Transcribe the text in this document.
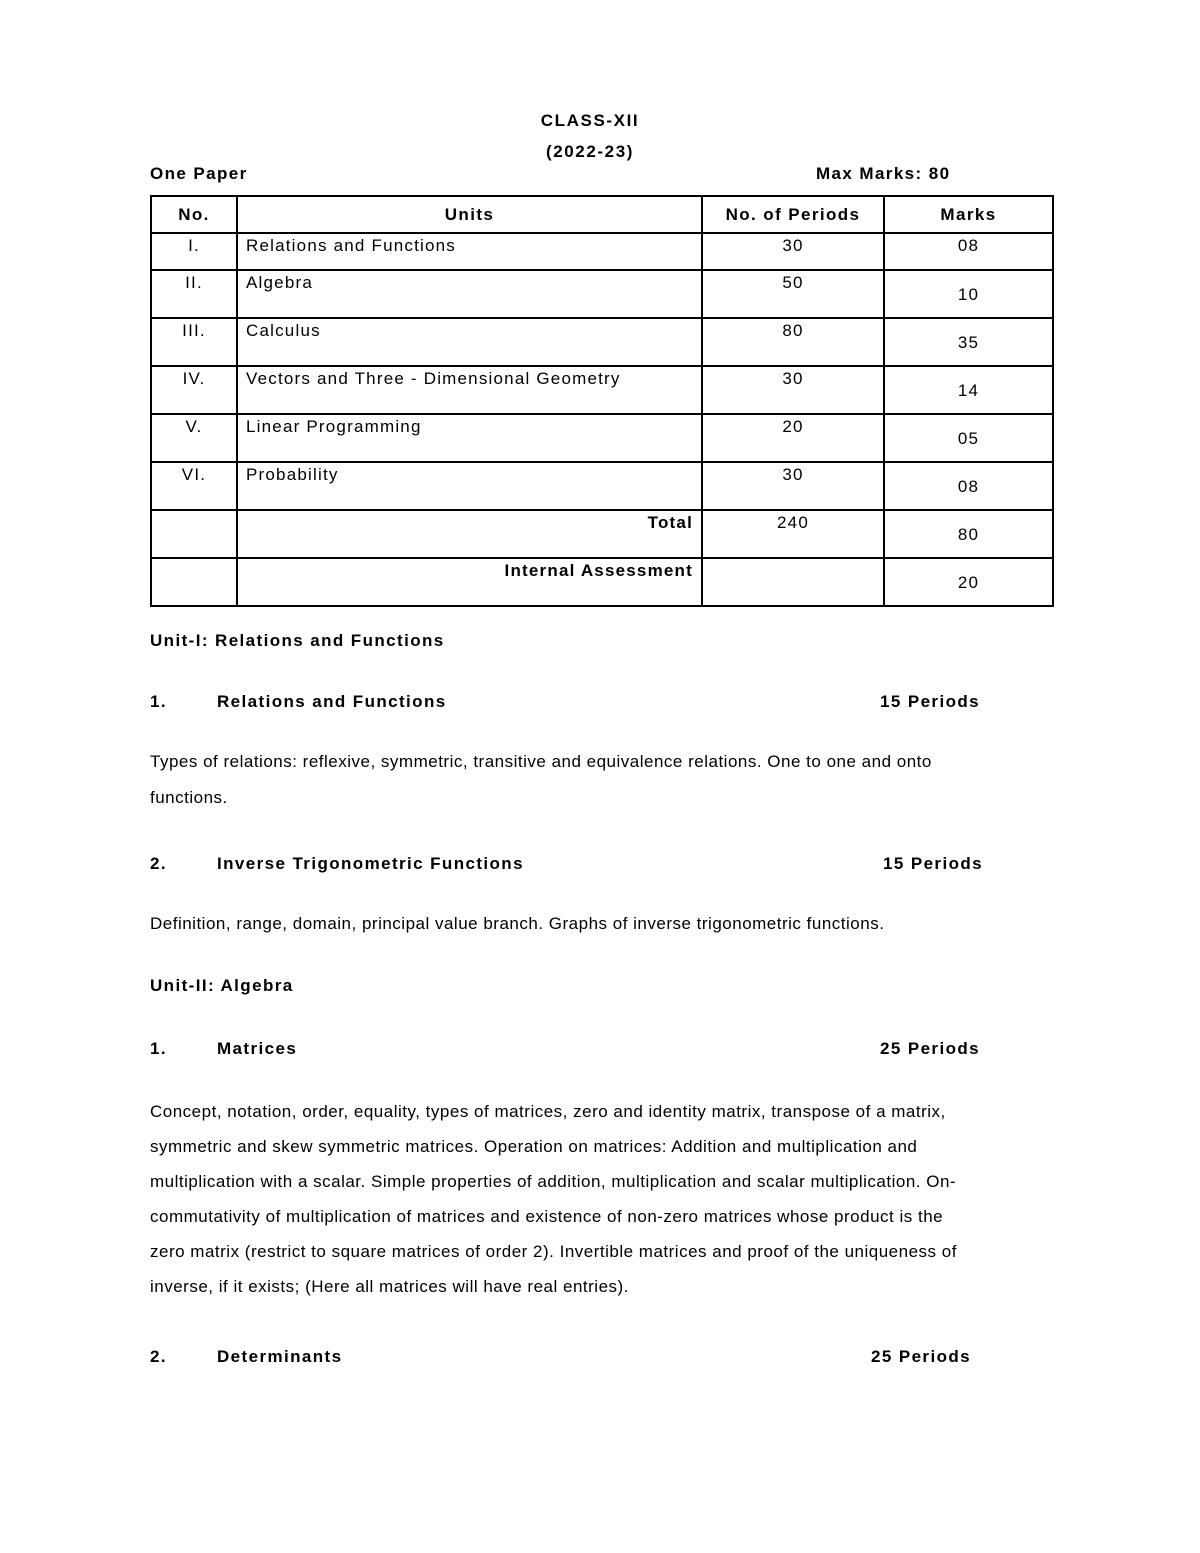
CLASS-XII
(2022-23)
One Paper	Max Marks: 80
No.	Units	No. of Periods	Marks
I.	Relations and Functions	30	08
II.	Algebra	50	10
III.	Calculus	80	35
IV.	Vectors and Three - Dimensional Geometry	30	14
V.	Linear Programming	20	05
VI.	Probability	30	08
	Total	240	80
	Internal Assessment		20
Unit-I: Relations and Functions
1.	Relations and Functions	15 Periods
Types of relations: reflexive, symmetric, transitive and equivalence relations. One to one and onto
functions.
2.	Inverse Trigonometric Functions	15 Periods
Definition, range, domain, principal value branch. Graphs of inverse trigonometric functions.
Unit-II: Algebra
1.	Matrices	25 Periods
Concept, notation, order, equality, types of matrices, zero and identity matrix, transpose of a matrix,
symmetric and skew symmetric matrices. Operation on matrices: Addition and multiplication and
multiplication with a scalar. Simple properties of addition, multiplication and scalar multiplication. On-
commutativity of multiplication of matrices and existence of non-zero matrices whose product is the
zero matrix (restrict to square matrices of order 2). Invertible matrices and proof of the uniqueness of
inverse, if it exists; (Here all matrices will have real entries).
2.	Determinants	25 Periods
